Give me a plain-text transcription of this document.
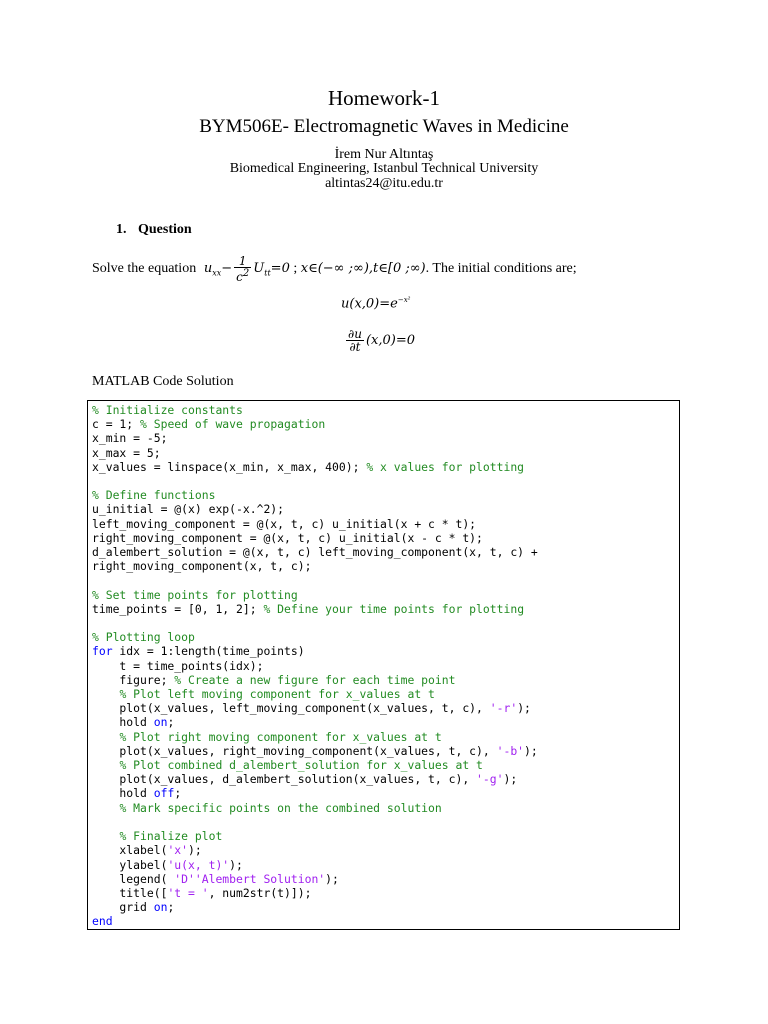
Homework-1
BYM506E- Electromagnetic Waves in Medicine
İrem Nur Altıntaş
Biomedical Engineering, Istanbul Technical University
altintas24@itu.edu.tr
1. Question
Solve the equation  $u_{xx}- \frac{1}{c^2} U_{tt}=0$ ; x∈(−∞ ;∞),t∈[0 ;∞). The initial conditions are;
$u(x,0)=e^{-x^2}$
$\frac{\partial u}{\partial t} (x,0)=0$
MATLAB Code Solution
% Initialize constants
c = 1; % Speed of wave propagation
x_min = -5;
x_max = 5;
x_values = linspace(x_min, x_max, 400); % x values for plotting

% Define functions
u_initial = @(x) exp(-x.^2);
left_moving_component = @(x, t, c) u_initial(x + c * t);
right_moving_component = @(x, t, c) u_initial(x - c * t);
d_alembert_solution = @(x, t, c) left_moving_component(x, t, c) +
right_moving_component(x, t, c);

% Set time points for plotting
time_points = [0, 1, 2]; % Define your time points for plotting

% Plotting loop
for idx = 1:length(time_points)
t = time_points(idx);
figure; % Create a new figure for each time point
% Plot left moving component for x_values at t
plot(x_values, left_moving_component(x_values, t, c), '-r');
hold on;
% Plot right moving component for x_values at t
plot(x_values, right_moving_component(x_values, t, c), '-b');
% Plot combined d_alembert_solution for x_values at t
plot(x_values, d_alembert_solution(x_values, t, c), '-g');
hold off;
% Mark specific points on the combined solution

% Finalize plot
xlabel('x');
ylabel('u(x, t)');
legend( 'D''Alembert Solution');
title(['t = ', num2str(t)]);
grid on;
end
